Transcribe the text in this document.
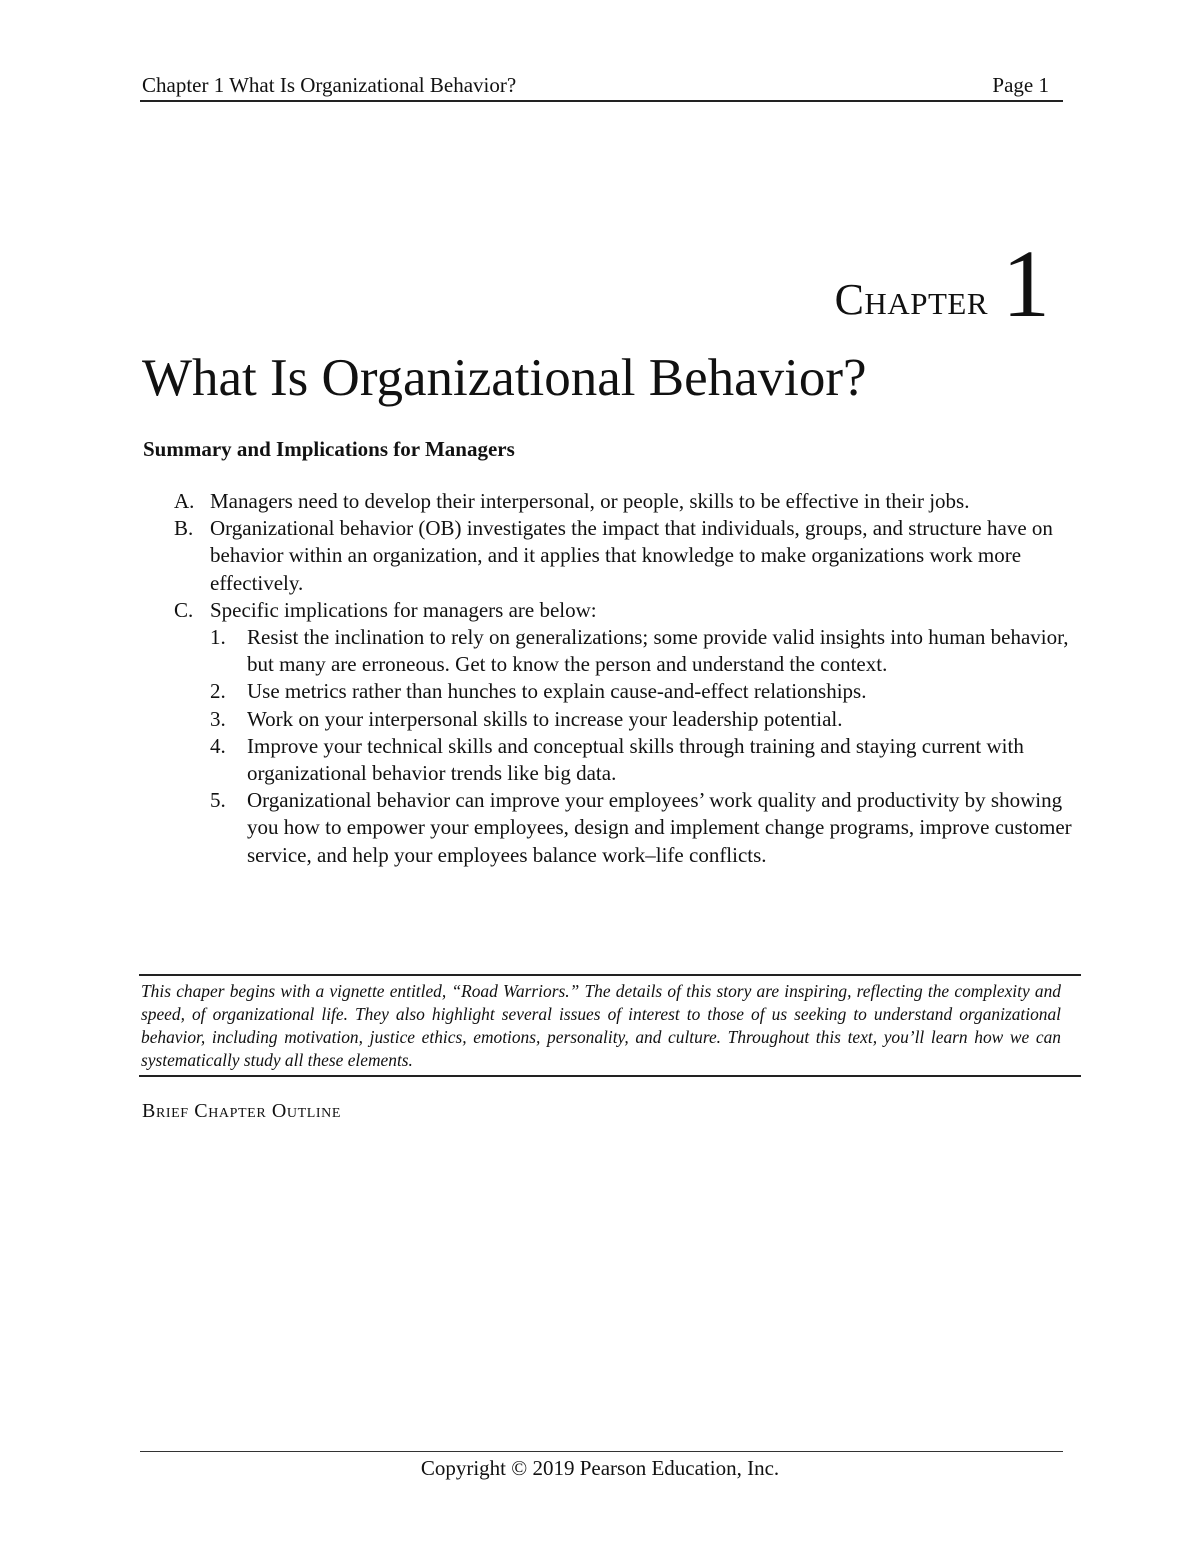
Chapter 1 What Is Organizational Behavior?	Page 1
Chapter 1
What Is Organizational Behavior?
Summary and Implications for Managers
A. Managers need to develop their interpersonal, or people, skills to be effective in their jobs.
B. Organizational behavior (OB) investigates the impact that individuals, groups, and structure have on behavior within an organization, and it applies that knowledge to make organizations work more effectively.
C. Specific implications for managers are below:
1. Resist the inclination to rely on generalizations; some provide valid insights into human behavior, but many are erroneous. Get to know the person and understand the context.
2. Use metrics rather than hunches to explain cause-and-effect relationships.
3. Work on your interpersonal skills to increase your leadership potential.
4. Improve your technical skills and conceptual skills through training and staying current with organizational behavior trends like big data.
5. Organizational behavior can improve your employees’ work quality and productivity by showing you how to empower your employees, design and implement change programs, improve customer service, and help your employees balance work–life conflicts.

This chaper begins with a vignette entitled, “Road Warriors.” The details of this story are inspiring, reflecting the complexity and speed, of organizational life. They also highlight several issues of interest to those of us seeking to understand organizational behavior, including motivation, justice ethics, emotions, personality, and culture. Throughout this text, you’ll learn how we can systematically study all these elements.

Brief Chapter Outline
Copyright © 2019 Pearson Education, Inc.
